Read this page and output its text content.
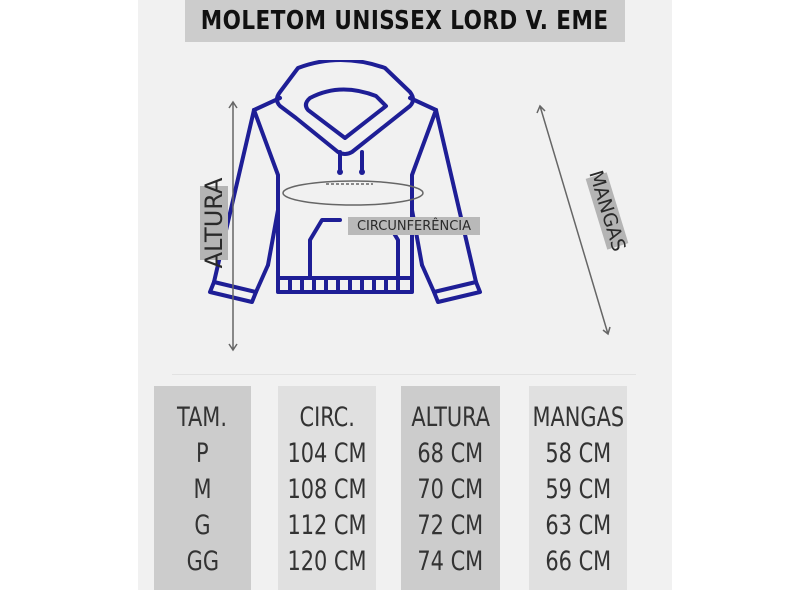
MOLETOM UNISSEX LORD V. EME
ALTURA	MANGAS
CIRCUNFERÊNCIA
TAM.
P
M
G
GG
CIRC.
104 CM
108 CM
112 CM
120 CM
ALTURA
68 CM
70 CM
72 CM
74 CM
MANGAS
58 CM
59 CM
63 CM
66 CM
